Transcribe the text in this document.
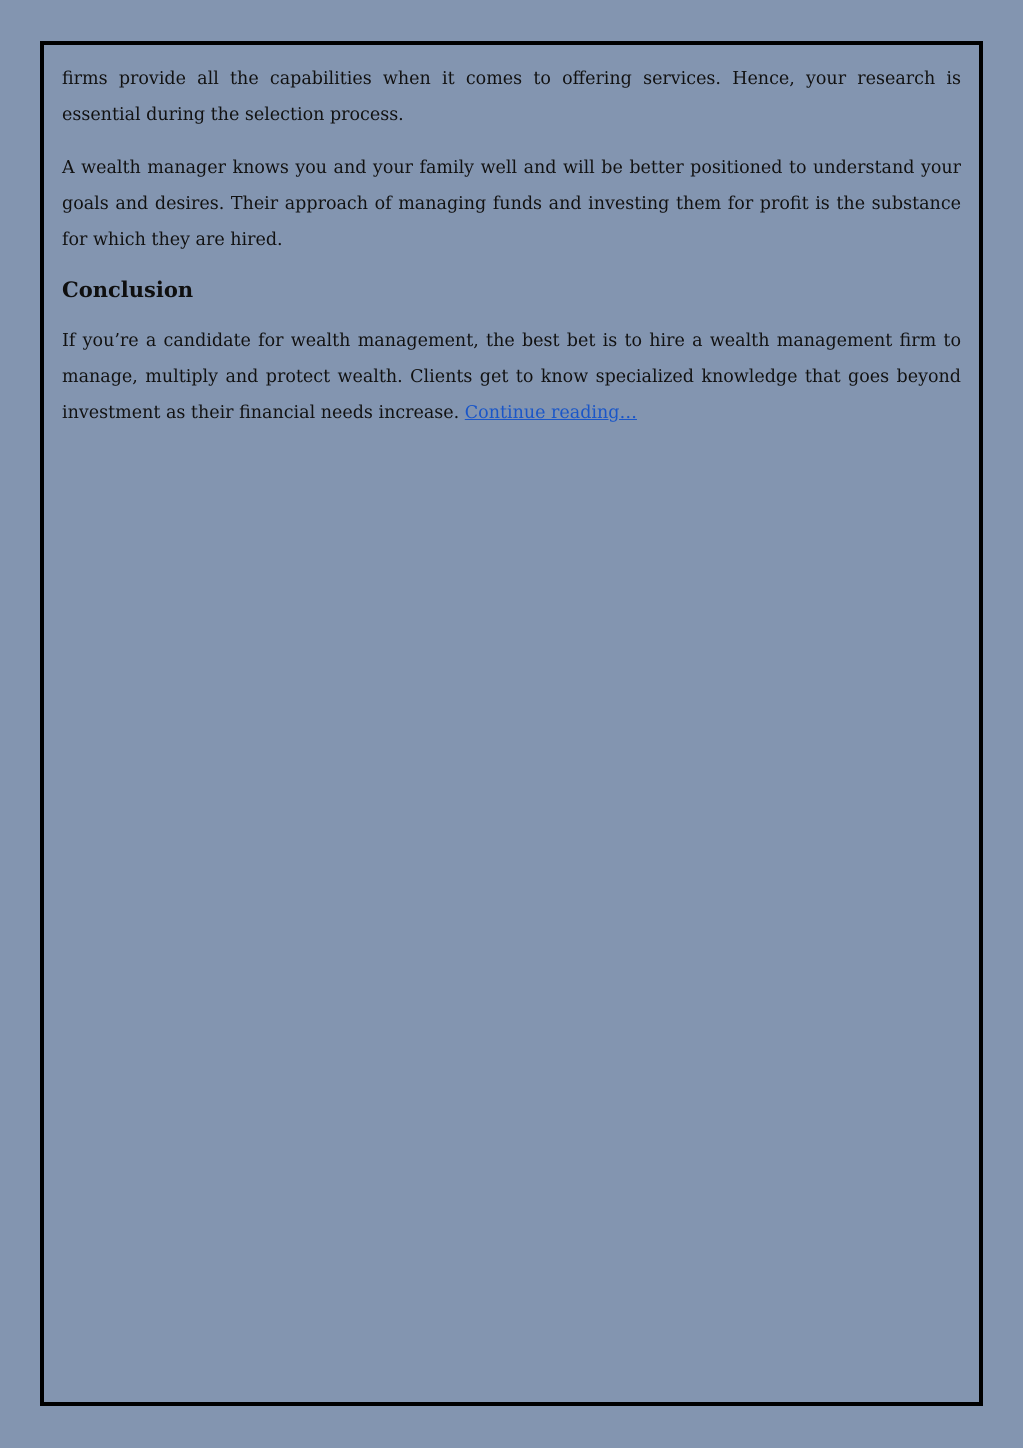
firms provide all the capabilities when it comes to offering services. Hence, your research is essential during the selection process.

A wealth manager knows you and your family well and will be better positioned to understand your goals and desires. Their approach of managing funds and investing them for profit is the substance for which they are hired.

Conclusion

If you’re a candidate for wealth management, the best bet is to hire a wealth management firm to manage, multiply and protect wealth. Clients get to know specialized knowledge that goes beyond investment as their financial needs increase. Continue reading…
